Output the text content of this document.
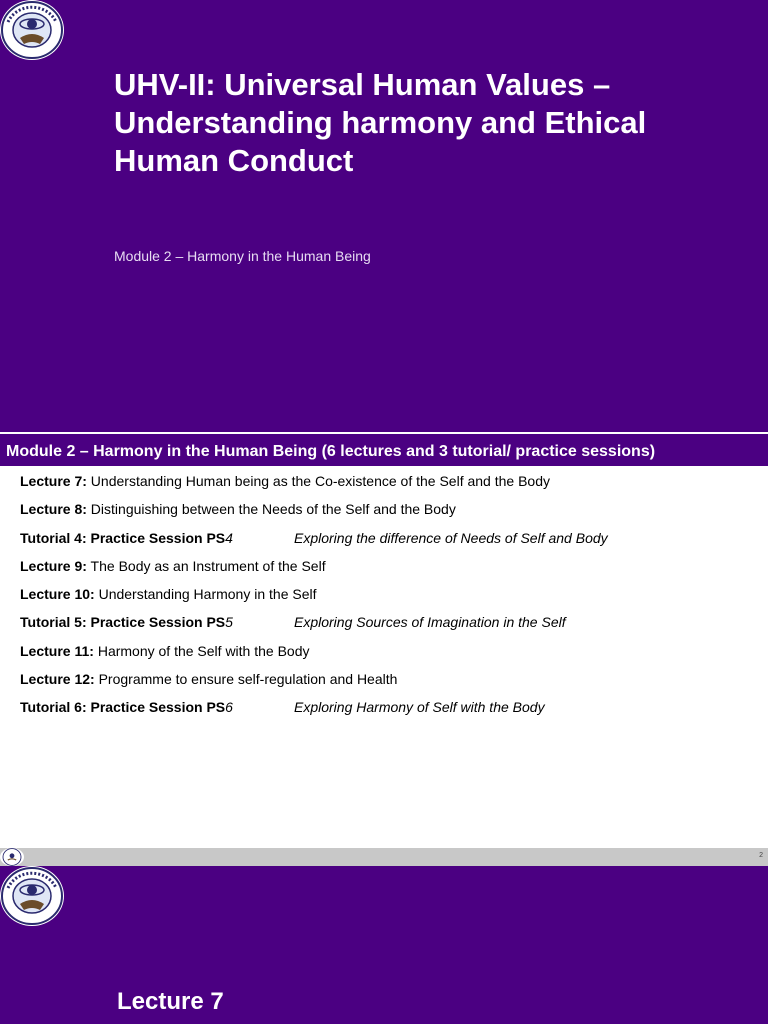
UHV-II: Universal Human Values – Understanding harmony and Ethical Human Conduct

Module 2 – Harmony in the Human Being

Module 2 – Harmony in the Human Being (6 lectures and 3 tutorial/ practice sessions)
Lecture 7: Understanding Human being as the Co-existence of the Self and the Body
Lecture 8: Distinguishing between the Needs of the Self and the Body
Tutorial 4: Practice Session PS4	Exploring the difference of Needs of Self and Body
Lecture 9: The Body as an Instrument of the Self
Lecture 10: Understanding Harmony in the Self
Tutorial 5: Practice Session PS5	Exploring Sources of Imagination in the Self
Lecture 11: Harmony of the Self with the Body
Lecture 12: Programme to ensure self-regulation and Health
Tutorial 6: Practice Session PS6	Exploring Harmony of Self with the Body
2
Lecture 7
